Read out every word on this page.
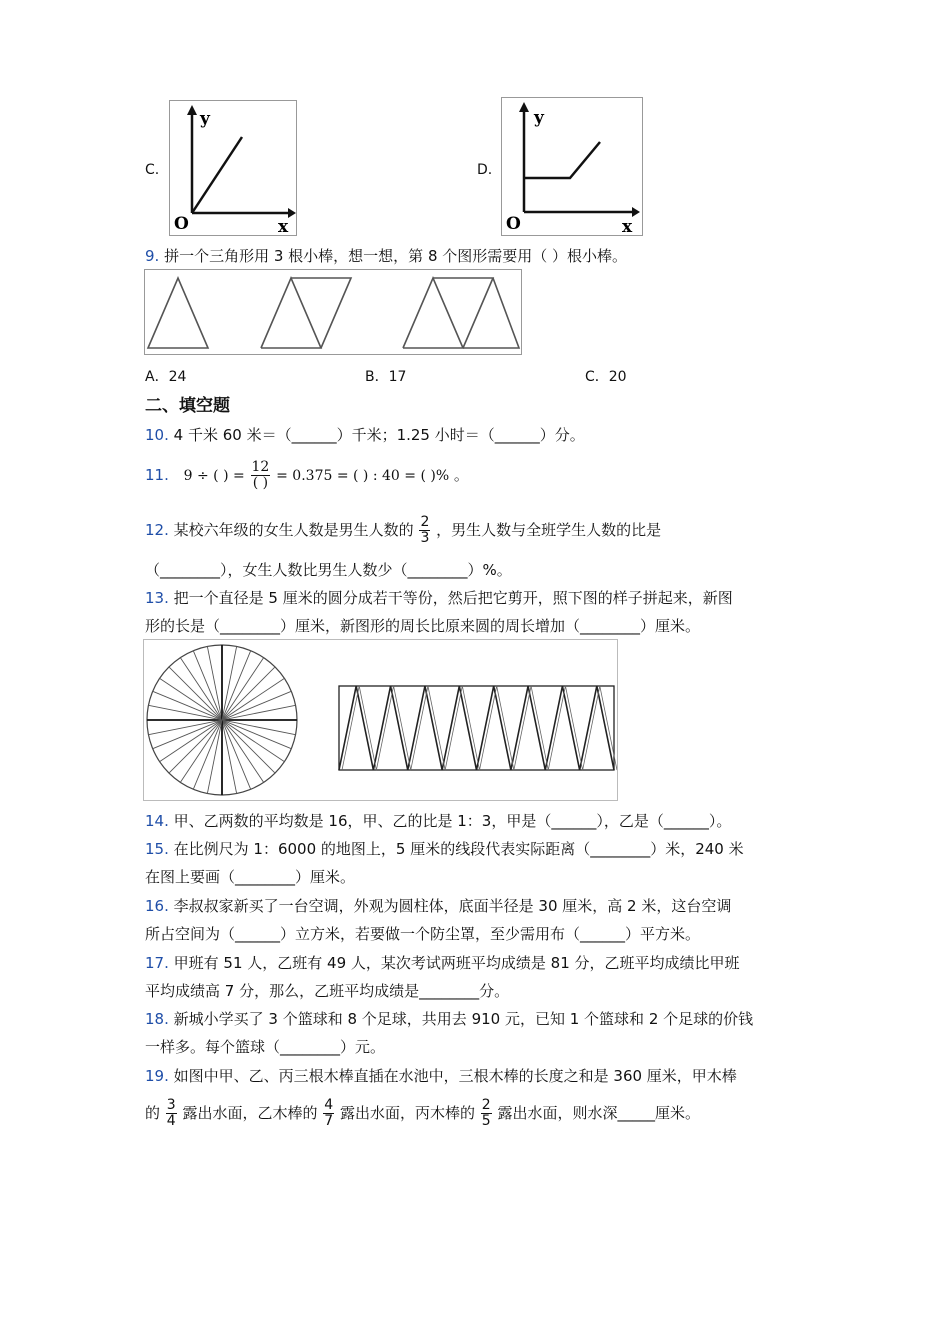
C.
y
x
O
D.
y
x
O
9. 拼一个三角形用 3 根小棒，想一想，第 8 个图形需要用（ ）根小棒。
A．24	B．17	C．20
二、填空题
10. 4 千米 60 米＝（______）千米；1.25 小时＝（______）分。
11. 9 ÷ ( ) = $\frac{12}{( )} = 0.375$ = ( ) : 40 = ( )% 。
12. 某校六年级的女生人数是男生人数的 $\frac{2}{3}$ ，男生人数与全班学生人数的比是
（________），女生人数比男生人数少（________）%。
13. 把一个直径是 5 厘米的圆分成若干等份，然后把它剪开，照下图的样子拼起来，新图
形的长是（________）厘米，新图形的周长比原来圆的周长增加（________）厘米。
14. 甲、乙两数的平均数是 16，甲、乙的比是 1：3，甲是（______），乙是（______）。
15. 在比例尺为 1：6000 的地图上，5 厘米的线段代表实际距离（________）米，240 米
在图上要画（________）厘米。
16. 李叔叔家新买了一台空调，外观为圆柱体，底面半径是 30 厘米，高 2 米，这台空调
所占空间为（______）立方米，若要做一个防尘罩，至少需用布（______）平方米。
17. 甲班有 51 人，乙班有 49 人，某次考试两班平均成绩是 81 分，乙班平均成绩比甲班
平均成绩高 7 分，那么，乙班平均成绩是________分。
18. 新城小学买了 3 个篮球和 8 个足球，共用去 910 元，已知 1 个篮球和 2 个足球的价钱
一样多。每个篮球（________）元。
19. 如图中甲、乙、丙三根木棒直插在水池中，三根木棒的长度之和是 360 厘米，甲木棒
的 $\frac{3}{4}$ 露出水面，乙木棒的 $\frac{4}{7}$ 露出水面，丙木棒的 $\frac{2}{5}$ 露出水面，则水深_____厘米。
